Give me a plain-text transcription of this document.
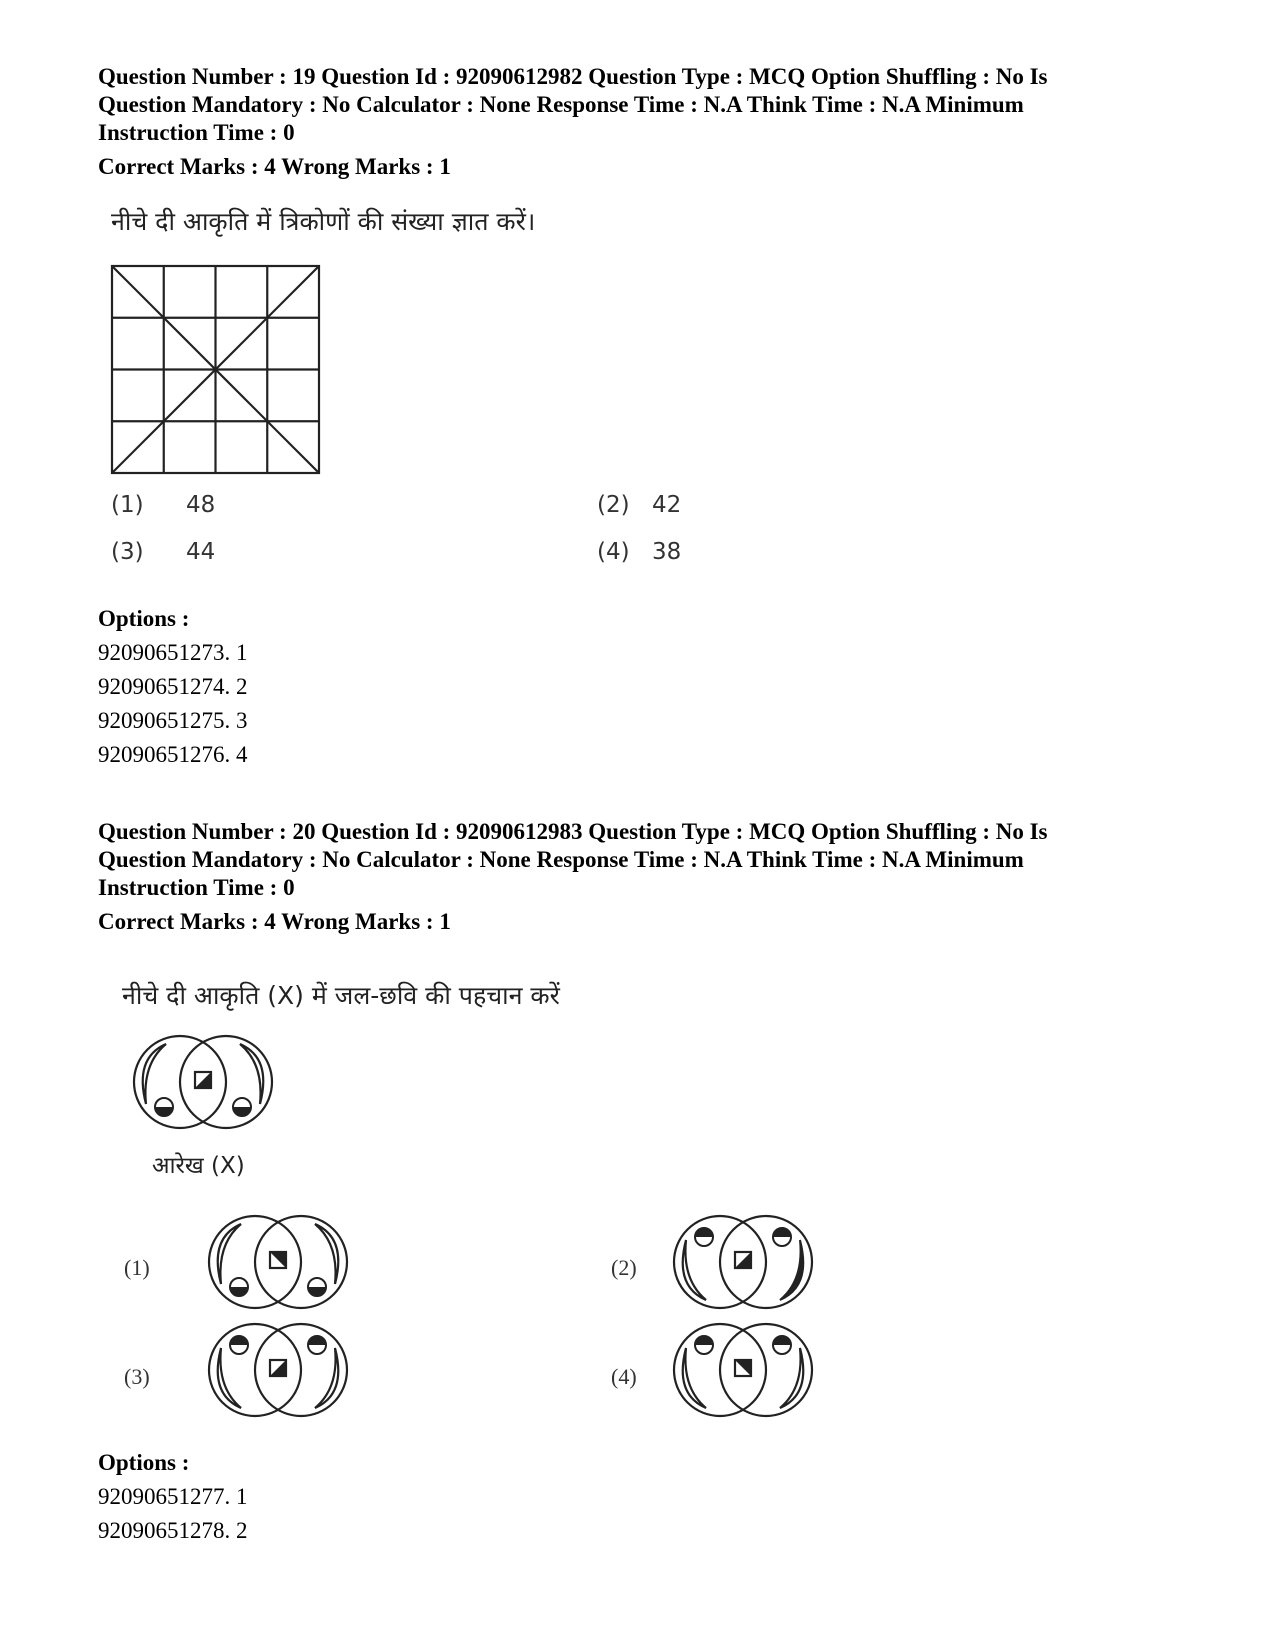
Question Number : 19 Question Id : 92090612982 Question Type : MCQ Option Shuffling : No Is
Question Mandatory : No Calculator : None Response Time : N.A Think Time : N.A Minimum
Instruction Time : 0
Correct Marks : 4 Wrong Marks : 1
नीचे दी आकृति में त्रिकोणों की संख्या ज्ञात करें।
(1) 48	(2) 42
(3) 44	(4) 38
Options :
92090651273. 1
92090651274. 2
92090651275. 3
92090651276. 4
Question Number : 20 Question Id : 92090612983 Question Type : MCQ Option Shuffling : No Is
Question Mandatory : No Calculator : None Response Time : N.A Think Time : N.A Minimum
Instruction Time : 0
Correct Marks : 4 Wrong Marks : 1
नीचे दी आकृति (X) में जल-छवि की पहचान करें
आरेख (X)
(1)	(2)
(3)	(4)
Options :
92090651277. 1
92090651278. 2
